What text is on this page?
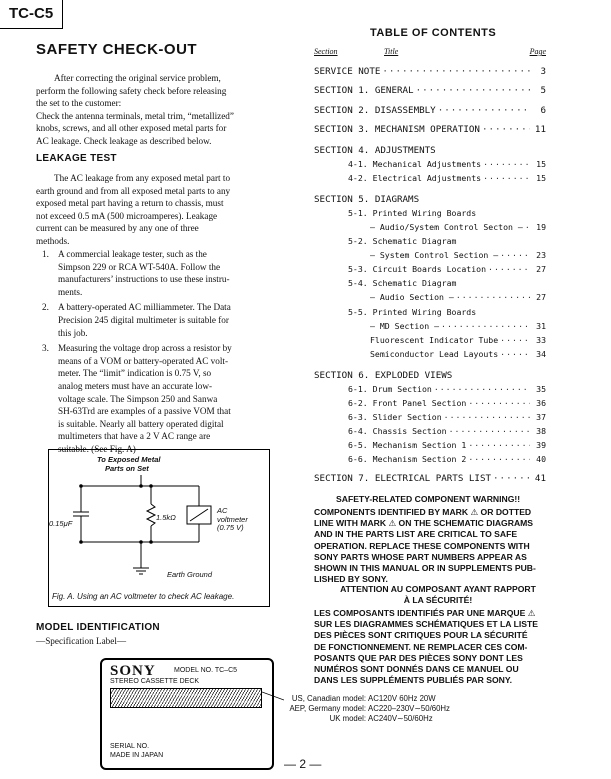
TC-C5
SAFETY CHECK-OUT
After correcting the original service problem,
perform the following safety check before releasing
the set to the customer:
Check the antenna terminals, metal trim, “metallized”
knobs, screws, and all other exposed metal parts for
AC leakage. Check leakage as described below.
LEAKAGE TEST
The AC leakage from any exposed metal part to
earth ground and from all exposed metal parts to any
exposed metal part having a return to chassis, must
not exceed 0.5 mA (500 microamperes). Leakage
current can be measured by any one of three
methods.
1. A commercial leakage tester, such as the
Simpson 229 or RCA WT-540A. Follow the
manufacturers’ instructions to use these instru-
ments.
2. A battery-operated AC milliammeter. The Data
Precision 245 digital multimeter is suitable for
this job.
3. Measuring the voltage drop across a resistor by
means of a VOM or battery-operated AC volt-
meter. The “limit” indication is 0.75 V, so
analog meters must have an accurate low-
voltage scale. The Simpson 250 and Sanwa
SH-63Trd are examples of a passive VOM that
is suitable. Nearly all battery operated digital
multimeters that have a 2 V AC range are
suitable. (See Fig. A)
To Exposed Metal
Parts on Set
0.15μF
1.5kΩ
AC
voltmeter
(0.75 V)
Earth Ground
Fig. A. Using an AC voltmeter to check AC leakage.
MODEL IDENTIFICATION
—Specification Label—
SONY	MODEL NO. TC–C5
STEREO CASSETTE DECK
SERIAL NO.
MADE IN JAPAN
US, Canadian model: AC120V 60Hz 20W
AEP, Germany model: AC220–230V∼50/60Hz
UK model: AC240V∼50/60Hz
TABLE OF CONTENTS
Section	Title	Page
SERVICE NOTE ·····	3
SECTION 1. GENERAL ·····	5
SECTION 2. DISASSEMBLY ·····	6
SECTION 3. MECHANISM OPERATION ·····	11
SECTION 4. ADJUSTMENTS
4-1. Mechanical Adjustments ·····	15
4-2. Electrical Adjustments ·····	15
SECTION 5. DIAGRAMS
5-1. Printed Wiring Boards
— Audio/System Control Secton — ·····	19
5-2. Schematic Diagram
— System Control Section — ·····	23
5-3. Circuit Boards Location ·····	27
5-4. Schematic Diagram
— Audio Section — ·····	27
5-5. Printed Wiring Boards
— MD Section — ·····	31
Fluorescent Indicator Tube ·····	33
Semiconductor Lead Layouts ·····	34
SECTION 6. EXPLODED VIEWS
6-1. Drum Section ·····	35
6-2. Front Panel Section ·····	36
6-3. Slider Section ·····	37
6-4. Chassis Section ·····	38
6-5. Mechanism Section 1 ·····	39
6-6. Mechanism Section 2 ·····	40
SECTION 7. ELECTRICAL PARTS LIST ·····	41
SAFETY-RELATED COMPONENT WARNING!!
COMPONENTS IDENTIFIED BY MARK ⚠ OR DOTTED
LINE WITH MARK ⚠ ON THE SCHEMATIC DIAGRAMS
AND IN THE PARTS LIST ARE CRITICAL TO SAFE
OPERATION. REPLACE THESE COMPONENTS WITH
SONY PARTS WHOSE PART NUMBERS APPEAR AS
SHOWN IN THIS MANUAL OR IN SUPPLEMENTS PUB-
LISHED BY SONY.
ATTENTION AU COMPOSANT AYANT RAPPORT
À LA SÉCURITÉ!
LES COMPOSANTS IDENTIFIÉS PAR UNE MARQUE ⚠
SUR LES DIAGRAMMES SCHÉMATIQUES ET LA LISTE
DES PIÈCES SONT CRITIQUES POUR LA SÉCURITÉ
DE FONCTIONNEMENT. NE REMPLACER CES COM-
POSANTS QUE PAR DES PIÈCES SONY DONT LES
NUMÉROS SONT DONNÉS DANS CE MANUEL OU
DANS LES SUPPLÉMENTS PUBLIÉS PAR SONY.
— 2 —
